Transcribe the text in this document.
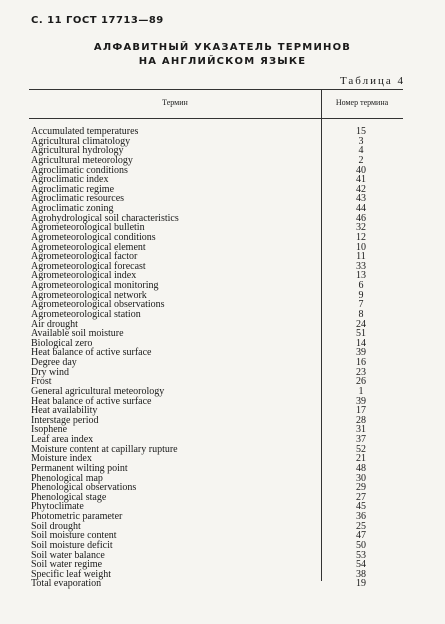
С. 11 ГОСТ 17713—89
АЛФАВИТНЫЙ УКАЗАТЕЛЬ ТЕРМИНОВ
НА АНГЛИЙСКОМ ЯЗЫКЕ
Таблица 4
Термин	Номер термина
Accumulated temperatures	15
Agricultural climatology	3
Agricultural hydrology	4
Agricultural meteorology	2
Agroclimatic conditions	40
Agroclimatic index	41
Agroclimatic regime	42
Agroclimatic resources	43
Agroclimatic zoning	44
Agrohydrological soil characteristics	46
Agrometeorological bulletin	32
Agrometeorological conditions	12
Agrometeorological element	10
Agrometeorological factor	11
Agrometeorological forecast	33
Agrometeorological index	13
Agrometeorological monitoring	6
Agrometeorological network	9
Agrometeorological observations	7
Agrometeorological station	8
Air drought	24
Available soil moisture	51
Biological zero	14
Heat balance of active surface	39
Degree day	16
Dry wind	23
Frost	26
General agricultural meteorology	1
Heat balance of active surface	39
Heat availability	17
Interstage period	28
Isophene	31
Leaf area index	37
Moisture content at capillary rupture	52
Moisture index	21
Permanent wilting point	48
Phenological map	30
Phenological observations	29
Phenological stage	27
Phytoclimate	45
Photometric parameter	36
Soil drought	25
Soil moisture content	47
Soil moisture deficit	50
Soil water balance	53
Soil water regime	54
Specific leaf weight	38
Total evaporation	19
